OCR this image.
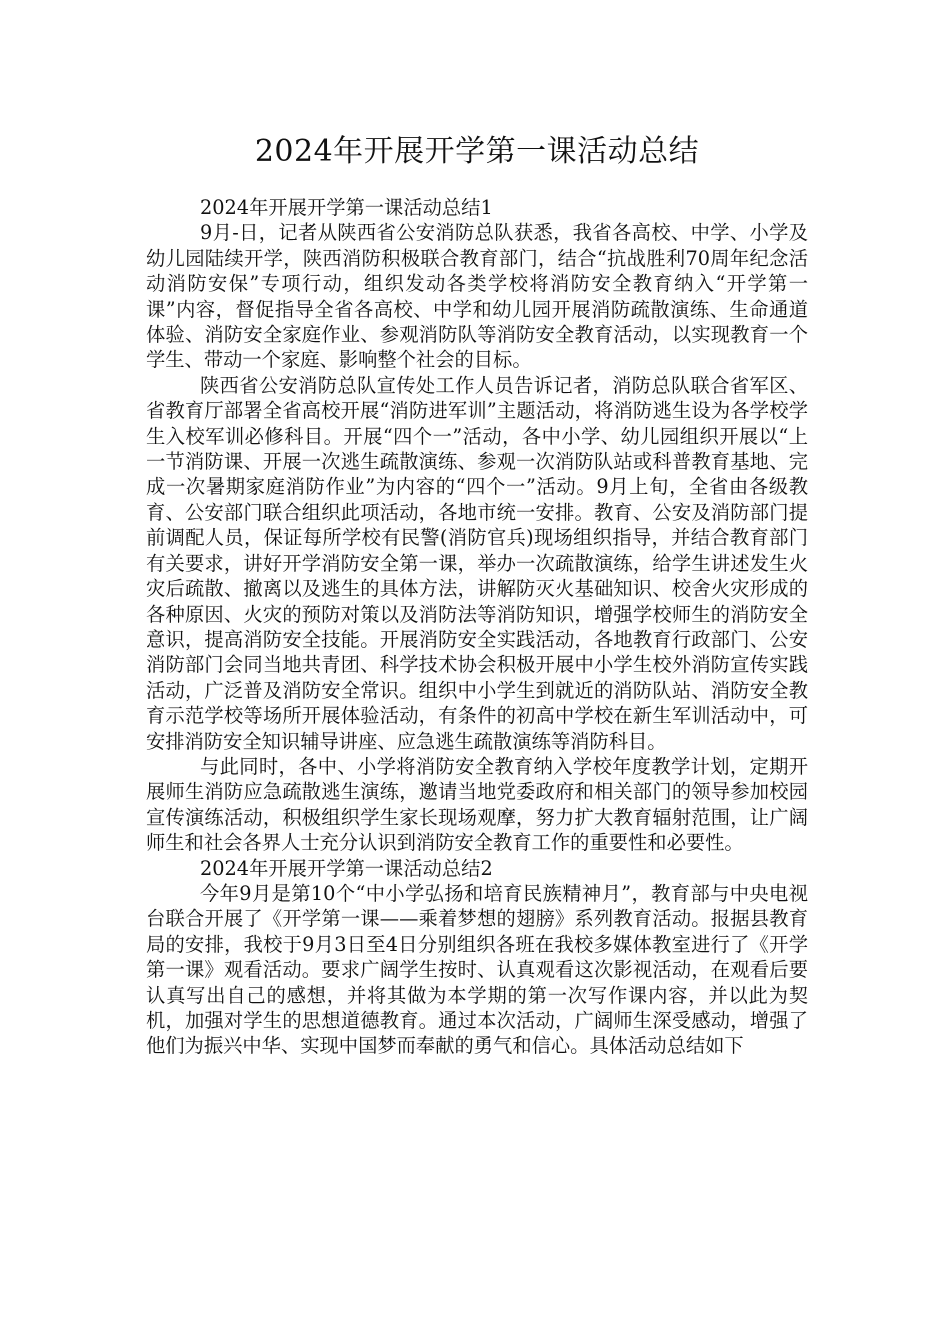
2024年开展开学第一课活动总结

2024年开展开学第一课活动总结1

9月-日，记者从陕西省公安消防总队获悉，我省各高校、中学、小学及幼儿园陆续开学，陕西消防积极联合教育部门，结合“抗战胜利70周年纪念活动消防安保”专项行动，组织发动各类学校将消防安全教育纳入“开学第一课”内容，督促指导全省各高校、中学和幼儿园开展消防疏散演练、生命通道体验、消防安全家庭作业、参观消防队等消防安全教育活动，以实现教育一个学生、带动一个家庭、影响整个社会的目标。

陕西省公安消防总队宣传处工作人员告诉记者，消防总队联合省军区、省教育厅部署全省高校开展“消防进军训”主题活动，将消防逃生设为各学校学生入校军训必修科目。开展“四个一”活动，各中小学、幼儿园组织开展以“上一节消防课、开展一次逃生疏散演练、参观一次消防队站或科普教育基地、完成一次暑期家庭消防作业”为内容的“四个一”活动。9月上旬，全省由各级教育、公安部门联合组织此项活动，各地市统一安排。教育、公安及消防部门提前调配人员，保证每所学校有民警(消防官兵)现场组织指导，并结合教育部门有关要求，讲好开学消防安全第一课，举办一次疏散演练，给学生讲述发生火灾后疏散、撤离以及逃生的具体方法，讲解防灭火基础知识、校舍火灾形成的各种原因、火灾的预防对策以及消防法等消防知识，增强学校师生的消防安全意识，提高消防安全技能。开展消防安全实践活动，各地教育行政部门、公安消防部门会同当地共青团、科学技术协会积极开展中小学生校外消防宣传实践活动，广泛普及消防安全常识。组织中小学生到就近的消防队站、消防安全教育示范学校等场所开展体验活动，有条件的初高中学校在新生军训活动中，可安排消防安全知识辅导讲座、应急逃生疏散演练等消防科目。

与此同时，各中、小学将消防安全教育纳入学校年度教学计划，定期开展师生消防应急疏散逃生演练，邀请当地党委政府和相关部门的领导参加校园宣传演练活动，积极组织学生家长现场观摩，努力扩大教育辐射范围，让广阔师生和社会各界人士充分认识到消防安全教育工作的重要性和必要性。

2024年开展开学第一课活动总结2

今年9月是第10个“中小学弘扬和培育民族精神月”，教育部与中央电视台联合开展了《开学第一课——乘着梦想的翅膀》系列教育活动。报据县教育局的安排，我校于9月3日至4日分别组织各班在我校多媒体教室进行了《开学第一课》观看活动。要求广阔学生按时、认真观看这次影视活动，在观看后要认真写出自己的感想，并将其做为本学期的第一次写作课内容，并以此为契机，加强对学生的思想道德教育。通过本次活动，广阔师生深受感动，增强了他们为振兴中华、实现中国梦而奉献的勇气和信心。具体活动总结如下
